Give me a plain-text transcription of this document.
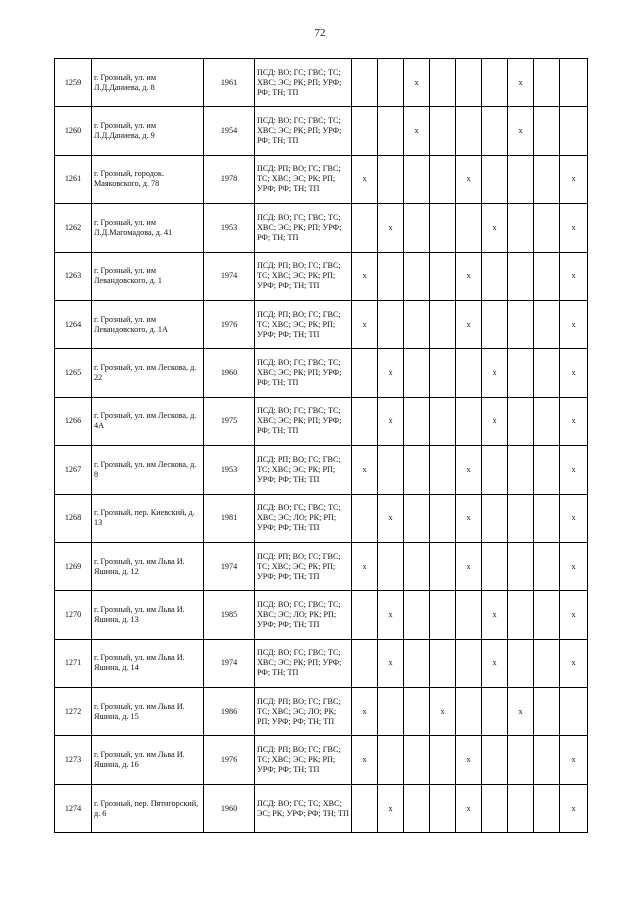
72
1259	г. Грозный, ул. им Л.Д.Даниева, д. 8	1961	ПСД: ВО; ГС; ГВС; ТС; ХВС; ЭС; РК; РП; УРФ; РФ; ТН; ТП			x				x		
1260	г. Грозный, ул. им Л.Д.Даниева, д. 9	1954	ПСД: ВО; ГС; ГВС; ТС; ХВС; ЭС; РК; РП; УРФ; РФ; ТН; ТП			x				x		
1261	г. Грозный, городок. Маяковского, д. 78	1978	ПСД: РП; ВО; ГС; ГВС; ТС; ХВС; ЭС; РК; РП; УРФ; РФ; ТН; ТП	x				x				x
1262	г. Грозный, ул. им Л.Д.Магомадова, д. 41	1953	ПСД: ВО; ГС; ГВС; ТС; ХВС; ЭС; РК; РП; УРФ; РФ; ТН; ТП		x				x			x
1263	г. Грозный, ул. им Левандовского, д. 1	1974	ПСД: РП; ВО; ГС; ГВС; ТС; ХВС; ЭС; РК; РП; УРФ; РФ; ТН; ТП	x				x				x
1264	г. Грозный, ул. им Левандовского, д. 1А	1976	ПСД: РП; ВО; ГС; ГВС; ТС; ХВС; ЭС; РК; РП; УРФ; РФ; ТН; ТП	x				x				x
1265	г. Грозный, ул. им Лескова, д. 22	1960	ПСД: ВО; ГС; ГВС; ТС; ХВС; ЭС; РК; РП; УРФ; РФ; ТН; ТП		x				x			x
1266	г. Грозный, ул. им Лескова, д. 4А	1975	ПСД: ВО; ГС; ГВС; ТС; ХВС; ЭС; РК; РП; УРФ; РФ; ТН; ТП		x				x			x
1267	г. Грозный, ул. им Лескова, д. 8	1953	ПСД: РП; ВО; ГС; ГВС; ТС; ХВС; ЭС; РК; РП; УРФ; РФ; ТН; ТП	x				x				x
1268	г. Грозный, пер. Киевский, д. 13	1981	ПСД: ВО; ГС; ГВС; ТС; ХВС; ЭС; ЛО; РК; РП; УРФ; РФ; ТН; ТП		x			x				x
1269	г. Грозный, ул. им Льва И. Яшина, д. 12	1974	ПСД: РП; ВО; ГС; ГВС; ТС; ХВС; ЭС; РК; РП; УРФ; РФ; ТН; ТП	x				x				x
1270	г. Грозный, ул. им Льва И. Яшина, д. 13	1985	ПСД: ВО; ГС; ГВС; ТС; ХВС; ЭС; ЛО; РК; РП; УРФ; РФ; ТН; ТП		x				x			x
1271	г. Грозный, ул. им Льва И. Яшина, д. 14	1974	ПСД: ВО; ГС; ГВС; ТС; ХВС; ЭС; РК; РП; УРФ; РФ; ТН; ТП		x				x			x
1272	г. Грозный, ул. им Льва И. Яшина, д. 15	1986	ПСД: РП; ВО; ГС; ГВС; ТС; ХВС; ЭС; ЛО; РК; РП; УРФ; РФ; ТН; ТП	x			x			x		
1273	г. Грозный, ул. им Льва И. Яшина, д. 16	1976	ПСД: РП; ВО; ГС; ГВС; ТС; ХВС; ЭС; РК; РП; УРФ; РФ; ТН; ТП	x				x				x
1274	г. Грозный, пер. Пятигорский, д. 6	1960	ПСД: ВО; ГС; ТС; ХВС; ЭС; РК; УРФ; РФ; ТН; ТП		x			x				x
